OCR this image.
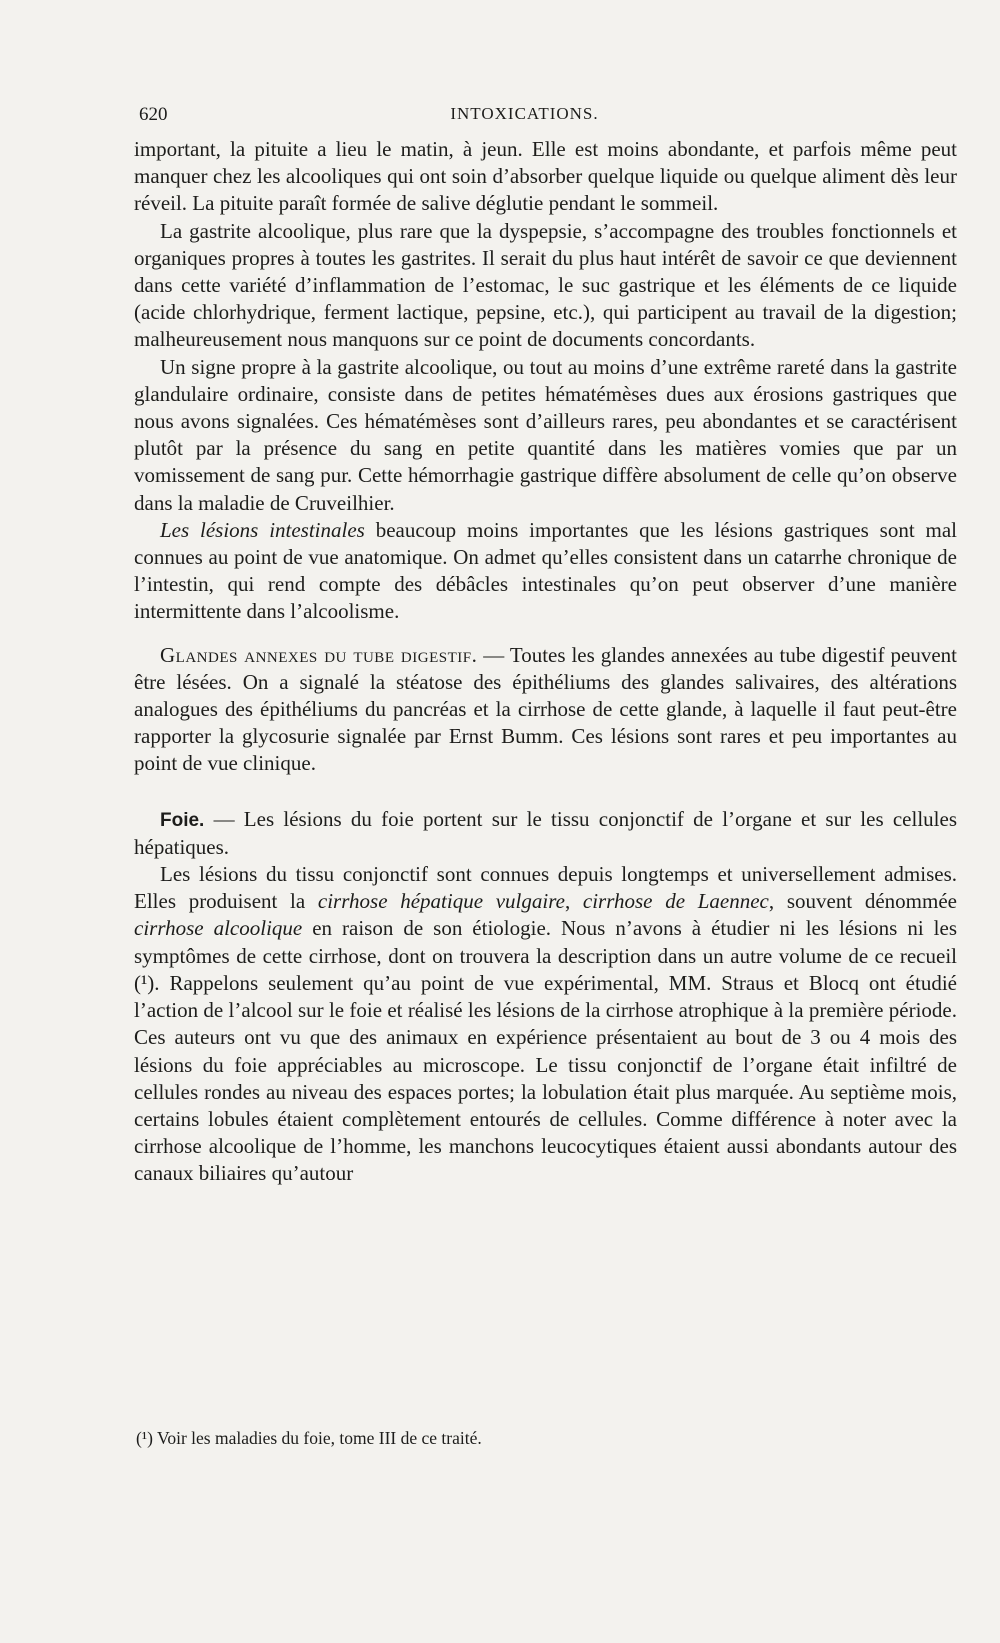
620	INTOXICATIONS.

important, la pituite a lieu le matin, à jeun. Elle est moins abondante, et parfois même peut manquer chez les alcooliques qui ont soin d’absorber quelque liquide ou quelque aliment dès leur réveil. La pituite paraît formée de salive déglutie pendant le sommeil.

La gastrite alcoolique, plus rare que la dyspepsie, s’accompagne des troubles fonctionnels et organiques propres à toutes les gastrites. Il serait du plus haut intérêt de savoir ce que deviennent dans cette variété d’inflammation de l’estomac, le suc gastrique et les éléments de ce liquide (acide chlorhydrique, ferment lactique, pepsine, etc.), qui participent au travail de la digestion; malheureusement nous manquons sur ce point de documents concordants.

Un signe propre à la gastrite alcoolique, ou tout au moins d’une extrême rareté dans la gastrite glandulaire ordinaire, consiste dans de petites hématémèses dues aux érosions gastriques que nous avons signalées. Ces hématémèses sont d’ailleurs rares, peu abondantes et se caractérisent plutôt par la présence du sang en petite quantité dans les matières vomies que par un vomissement de sang pur. Cette hémorrhagie gastrique diffère absolument de celle qu’on observe dans la maladie de Cruveilhier.

Les lésions intestinales beaucoup moins importantes que les lésions gastriques sont mal connues au point de vue anatomique. On admet qu’elles consistent dans un catarrhe chronique de l’intestin, qui rend compte des débâcles intestinales qu’on peut observer d’une manière intermittente dans l’alcoolisme.

Glandes annexes du tube digestif. — Toutes les glandes annexées au tube digestif peuvent être lésées. On a signalé la stéatose des épithéliums des glandes salivaires, des altérations analogues des épithéliums du pancréas et la cirrhose de cette glande, à laquelle il faut peut-être rapporter la glycosurie signalée par Ernst Bumm. Ces lésions sont rares et peu importantes au point de vue clinique.

Foie. — Les lésions du foie portent sur le tissu conjonctif de l’organe et sur les cellules hépatiques.

Les lésions du tissu conjonctif sont connues depuis longtemps et universellement admises. Elles produisent la cirrhose hépatique vulgaire, cirrhose de Laennec, souvent dénommée cirrhose alcoolique en raison de son étiologie. Nous n’avons à étudier ni les lésions ni les symptômes de cette cirrhose, dont on trouvera la description dans un autre volume de ce recueil (¹). Rappelons seulement qu’au point de vue expérimental, MM. Straus et Blocq ont étudié l’action de l’alcool sur le foie et réalisé les lésions de la cirrhose atrophique à la première période. Ces auteurs ont vu que des animaux en expérience présentaient au bout de 3 ou 4 mois des lésions du foie appréciables au microscope. Le tissu conjonctif de l’organe était infiltré de cellules rondes au niveau des espaces portes; la lobulation était plus marquée. Au septième mois, certains lobules étaient complètement entourés de cellules. Comme différence à noter avec la cirrhose alcoolique de l’homme, les manchons leucocytiques étaient aussi abondants autour des canaux biliaires qu’autour

(¹) Voir les maladies du foie, tome III de ce traité.
